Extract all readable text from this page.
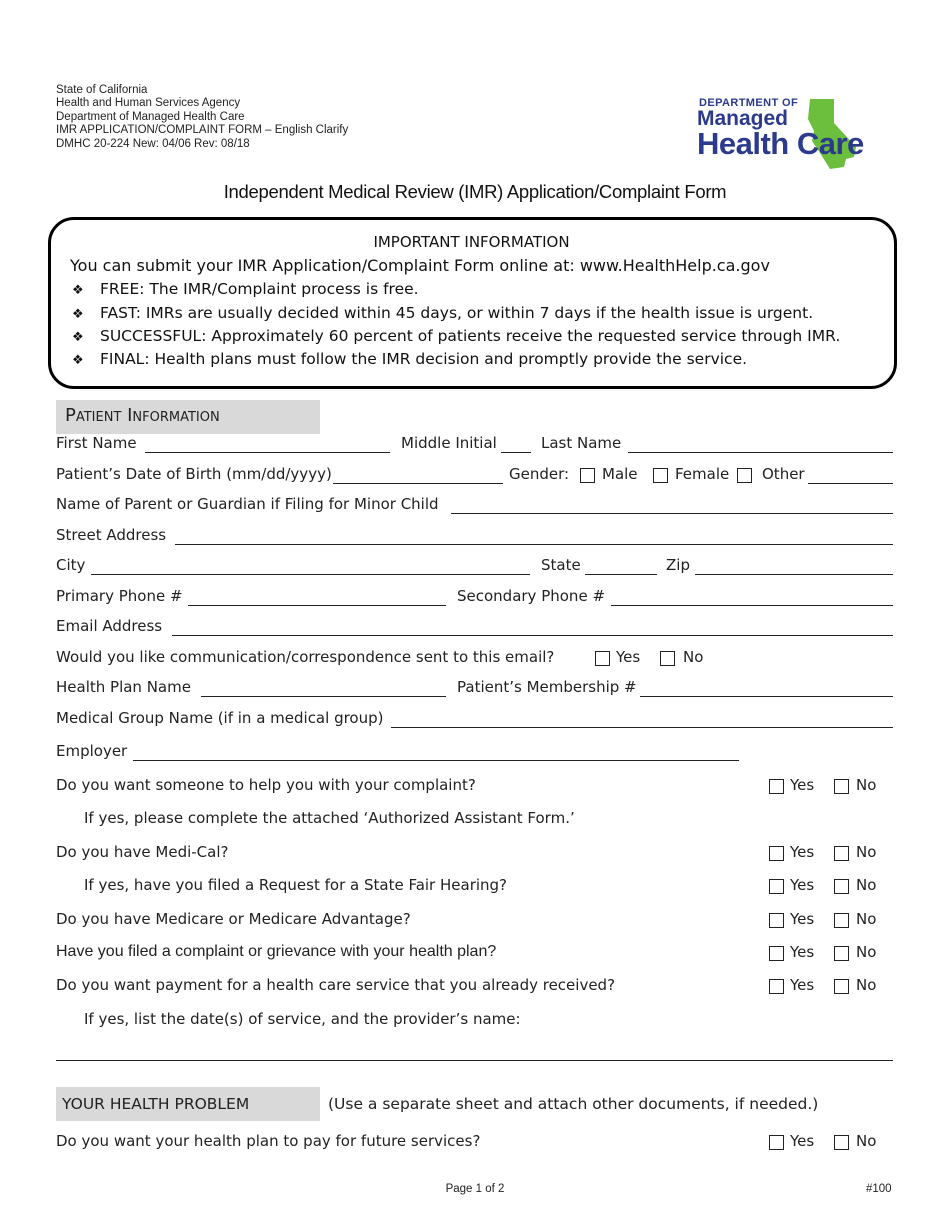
State of California
Health and Human Services Agency
Department of Managed Health Care
IMR APPLICATION/COMPLAINT FORM – English Clarify
DMHC 20-224 New: 04/06 Rev: 08/18
DEPARTMENT OF
Managed
Health Care
Independent Medical Review (IMR) Application/Complaint Form
IMPORTANT INFORMATION
You can submit your IMR Application/Complaint Form online at: www.HealthHelp.ca.gov
❖ FREE: The IMR/Complaint process is free.
❖ FAST: IMRs are usually decided within 45 days, or within 7 days if the health issue is urgent.
❖ SUCCESSFUL: Approximately 60 percent of patients receive the requested service through IMR.
❖ FINAL: Health plans must follow the IMR decision and promptly provide the service.
Patient Information
First Name	Middle Initial	Last Name
Patient’s Date of Birth (mm/dd/yyyy)	Gender: Male Female Other
Name of Parent or Guardian if Filing for Minor Child
Street Address
City	State	Zip
Primary Phone #	Secondary Phone #
Email Address
Would you like communication/correspondence sent to this email?	Yes	No
Health Plan Name	Patient’s Membership #
Medical Group Name (if in a medical group)
Employer
Do you want someone to help you with your complaint?	Yes	No
If yes, please complete the attached ‘Authorized Assistant Form.’
Do you have Medi-Cal?	Yes	No
If yes, have you filed a Request for a State Fair Hearing?	Yes	No
Do you have Medicare or Medicare Advantage?	Yes	No
Have you filed a complaint or grievance with your health plan?	Yes	No
Do you want payment for a health care service that you already received?	Yes	No
If yes, list the date(s) of service, and the provider’s name:
YOUR HEALTH PROBLEM	(Use a separate sheet and attach other documents, if needed.)
Do you want your health plan to pay for future services?	Yes	No
Page 1 of 2	#100
